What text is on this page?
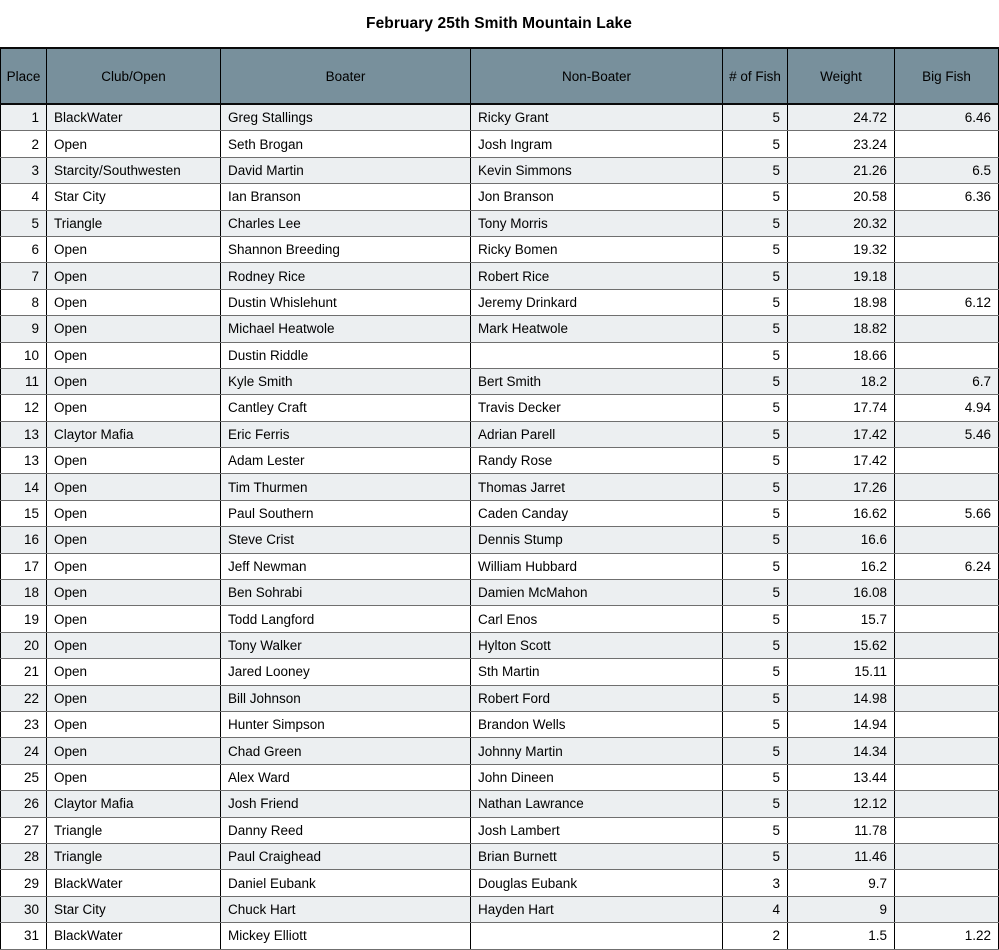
February 25th Smith Mountain Lake
Place	Club/Open	Boater	Non-Boater	# of Fish	Weight	Big Fish
1	BlackWater	Greg Stallings	Ricky Grant	5	24.72	6.46
2	Open	Seth Brogan	Josh Ingram	5	23.24	
3	Starcity/Southwesten	David Martin	Kevin Simmons	5	21.26	6.5
4	Star City	Ian Branson	Jon Branson	5	20.58	6.36
5	Triangle	Charles Lee	Tony Morris	5	20.32	
6	Open	Shannon Breeding	Ricky Bomen	5	19.32	
7	Open	Rodney Rice	Robert Rice	5	19.18	
8	Open	Dustin Whislehunt	Jeremy Drinkard	5	18.98	6.12
9	Open	Michael Heatwole	Mark Heatwole	5	18.82	
10	Open	Dustin Riddle		5	18.66	
11	Open	Kyle Smith	Bert Smith	5	18.2	6.7
12	Open	Cantley Craft	Travis Decker	5	17.74	4.94
13	Claytor Mafia	Eric Ferris	Adrian Parell	5	17.42	5.46
13	Open	Adam Lester	Randy Rose	5	17.42	
14	Open	Tim Thurmen	Thomas Jarret	5	17.26	
15	Open	Paul Southern	Caden Canday	5	16.62	5.66
16	Open	Steve Crist	Dennis Stump	5	16.6	
17	Open	Jeff Newman	William Hubbard	5	16.2	6.24
18	Open	Ben Sohrabi	Damien McMahon	5	16.08	
19	Open	Todd Langford	Carl Enos	5	15.7	
20	Open	Tony Walker	Hylton Scott	5	15.62	
21	Open	Jared Looney	Sth Martin	5	15.11	
22	Open	Bill Johnson	Robert Ford	5	14.98	
23	Open	Hunter Simpson	Brandon Wells	5	14.94	
24	Open	Chad Green	Johnny Martin	5	14.34	
25	Open	Alex Ward	John Dineen	5	13.44	
26	Claytor Mafia	Josh Friend	Nathan Lawrance	5	12.12	
27	Triangle	Danny Reed	Josh Lambert	5	11.78	
28	Triangle	Paul Craighead	Brian Burnett	5	11.46	
29	BlackWater	Daniel Eubank	Douglas Eubank	3	9.7	
30	Star City	Chuck Hart	Hayden Hart	4	9	
31	BlackWater	Mickey Elliott		2	1.5	1.22
